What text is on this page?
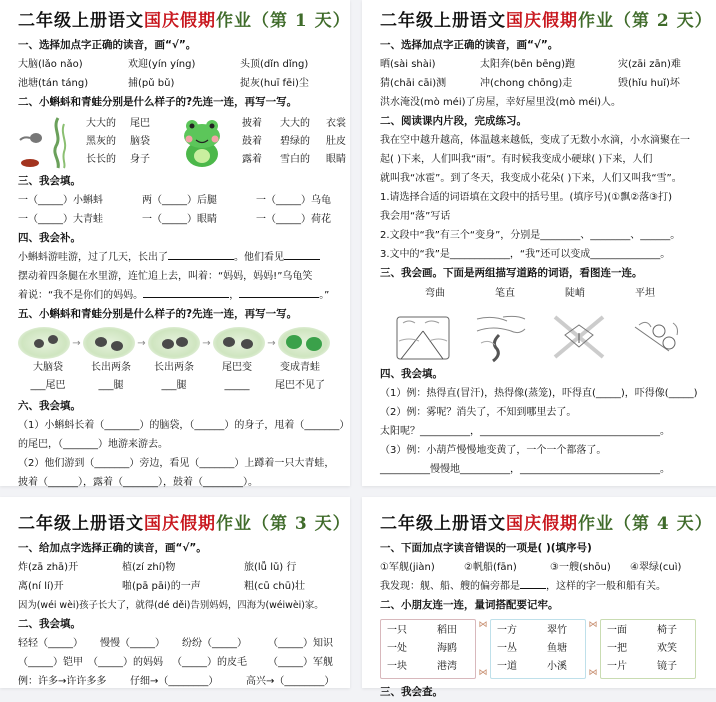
二年级上册语文国庆假期作业（第 1 天）
一、选择加点字正确的读音，画“√”。
大脑(lǎo nǎo)	欢迎(yín yíng)	头顶(dǐn dǐng)
池塘(tán táng)	捕(pǔ bǔ)	捉灰(huī fēi)尘
二、小蝌蚪和青蛙分别是什么样子的?先连一连，再写一写。
大大的	尾巴
黑灰的	脑袋
长长的	身子
披着	大大的	衣裳
鼓着	碧绿的	肚皮
露着	雪白的	眼睛
三、我会填。
一（_____）小蝌蚪	两（_____）后腿	一（_____）乌龟
一（_____）大青蛙	一（_____）眼睛	一（_____）荷花
四、我会补。
小蝌蚪游哇游，过了几天，长出了	。他们看见
摆动着四条腿在水里游，连忙追上去，叫着：“妈妈，妈妈!”乌龟笑
着说：“我不是你们的妈妈。	，	。”
五、小蝌蚪和青蛙分别是什么样子的?先连一连，再写一写。
→	→	→	→
大脑袋	长出两条	长出两条	尾巴变	变成青蛙
___尾巴	___腿	___腿	_____	尾巴不见了
六、我会填。
（1）小蝌蚪长着（_______）的脑袋，（______）的身子，甩着（_______）
的尾巴，（_______）地游来游去。
（2）他们游到（_______）旁边，看见（_______）上蹲着一只大青蛙，
披着（______），露着（_______），鼓着（________）。
二年级上册语文国庆假期作业（第 2 天）
一、选择加点字正确的读音，画“√”。
晒(sài shài)	太阳奔(bēn bēng)跑	灾(zāi zān)难
猜(chāi cāi)测	冲(chong chōng)走	毁(hǐu huǐ)坏
洪水淹没(mò méi)了房屋，幸好屋里没(mò méi)人。
二、阅读课内片段，完成练习。
我在空中越升越高，体温越来越低，变成了无数小水滴，小水滴聚在一
起( )下来，人们叫我“雨”。有时候我变成小硬球( )下来，人们
就叫我“冰雹”。到了冬天，我变成小花朵( )下来，人们又叫我“雪”。
1.请选择合适的词语填在文段中的括号里。(填序号)(①飘②落③打)
我会用“落”写话
2.文段中“我”有三个“变身”，分别是________、________、______。
3.文中的“我”是____________，“我”还可以变成______________。
三、我会画。下面是两组描写道路的词语，看图连一连。
弯曲	笔直	陡峭	平坦
四、我会填。
（1）例：热得直(冒汗)，热得像(蒸笼)，吓得直(_____)，吓得像(_____)
（2）例：雾呢？消失了，不知到哪里去了。
太阳呢？__________，____________________________________。
（3）例：小葫芦慢慢地变黄了，一个一个都落了。
__________慢慢地__________，____________________________。
二年级上册语文国庆假期作业（第 3 天）
一、给加点字选择正确的读音，画“√”。
炸(zā zhā)开	植(zí zhí)物	旅(lǚ lǔ) 行
离(ní lí)开	啪(pā pāi)的一声	粗(cū chū)壮
因为(wéi wèi)孩子长大了，就得(dé děi)告别妈妈，四海为(wéiwèi)家。
二、我会填。
轻轻（_____）	慢慢（_____）	纷纷（_____）	（_____）知识
（_____）铠甲 （_____）的妈妈 （_____）的皮毛	（_____）军舰
例：许多→许许多多	仔细→（________）	高兴→（________）
二年级上册语文国庆假期作业（第 4 天）
一、下面加点字读音错误的一项是( )(填序号)
①军舰(jiàn)	②帆船(fān)	③一艘(shōu)	④翠绿(cuì)
我发现：舰、船、艘的偏旁都是	，这样的字一般和船有关。
二、小朋友连一连，量词搭配要记牢。
一只	稻田
一处	海鸥
一块	港湾
⋈
⋈
一方	翠竹
一丛	鱼塘
一道	小溪
⋈
⋈
一面	椅子
一把	欢笑
一片	镜子
三、我会查。
